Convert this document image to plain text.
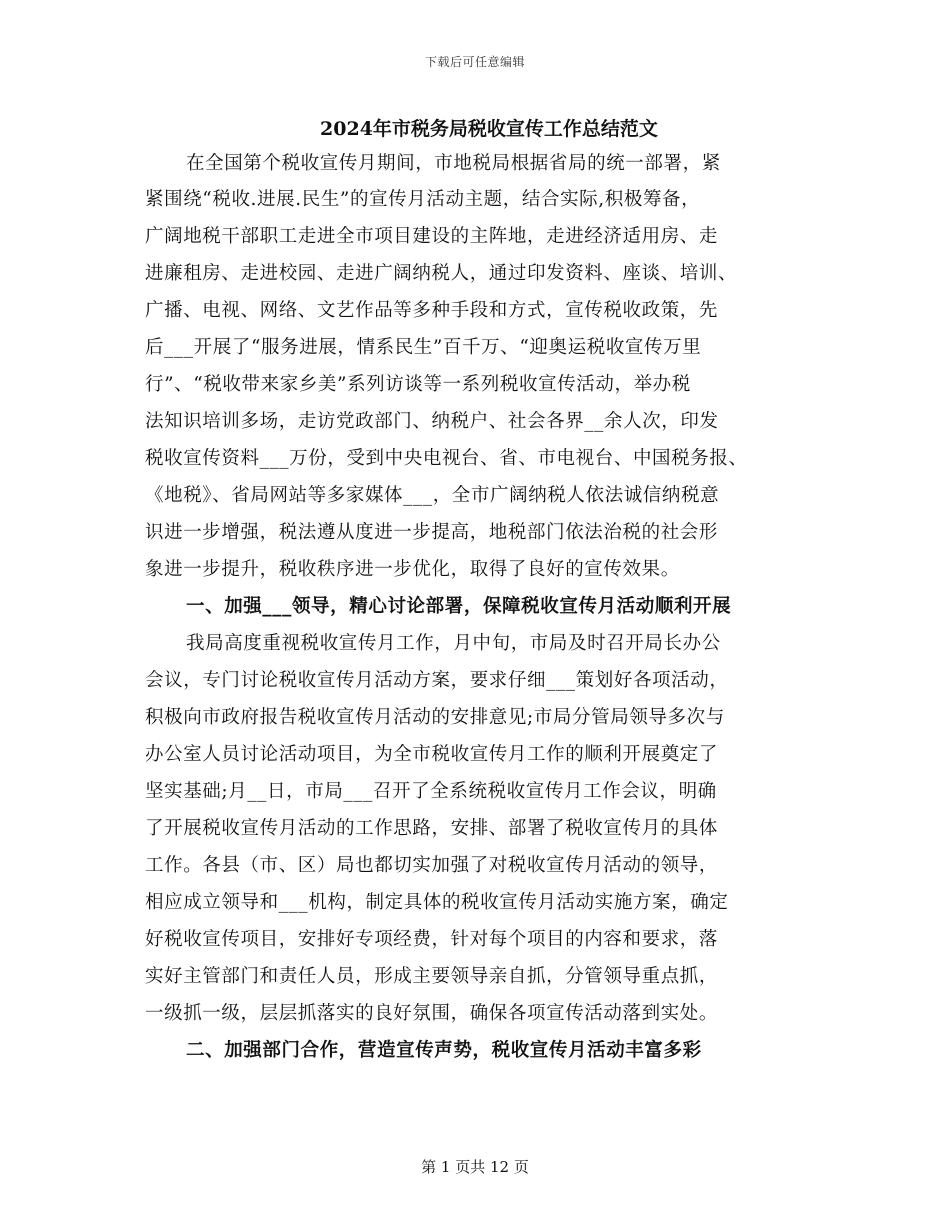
下载后可任意编辑
2024年市税务局税收宣传工作总结范文
在全国第个税收宣传月期间，市地税局根据省局的统一部署，紧
紧围绕“税收.进展.民生”的宣传月活动主题，结合实际,积极筹备，
广阔地税干部职工走进全市项目建设的主阵地，走进经济适用房、走
进廉租房、走进校园、走进广阔纳税人，通过印发资料、座谈、培训、
广播、电视、网络、文艺作品等多种手段和方式，宣传税收政策，先
后___开展了“服务进展，情系民生”百千万、“迎奥运税收宣传万里
行”、“税收带来家乡美”系列访谈等一系列税收宣传活动，举办税
法知识培训多场，走访党政部门、纳税户、社会各界__余人次，印发
税收宣传资料___万份，受到中央电视台、省、市电视台、中国税务报、
《地税》、省局网站等多家媒体___，全市广阔纳税人依法诚信纳税意
识进一步增强，税法遵从度进一步提高，地税部门依法治税的社会形
象进一步提升，税收秩序进一步优化，取得了良好的宣传效果。
一、加强___领导，精心讨论部署，保障税收宣传月活动顺利开展
我局高度重视税收宣传月工作，月中旬，市局及时召开局长办公
会议，专门讨论税收宣传月活动方案，要求仔细___策划好各项活动，
积极向市政府报告税收宣传月活动的安排意见;市局分管局领导多次与
办公室人员讨论活动项目，为全市税收宣传月工作的顺利开展奠定了
坚实基础;月__日，市局___召开了全系统税收宣传月工作会议，明确
了开展税收宣传月活动的工作思路，安排、部署了税收宣传月的具体
工作。各县（市、区）局也都切实加强了对税收宣传月活动的领导，
相应成立领导和___机构，制定具体的税收宣传月活动实施方案，确定
好税收宣传项目，安排好专项经费，针对每个项目的内容和要求，落
实好主管部门和责任人员，形成主要领导亲自抓，分管领导重点抓，
一级抓一级，层层抓落实的良好氛围，确保各项宣传活动落到实处。
二、加强部门合作，营造宣传声势，税收宣传月活动丰富多彩
第 1 页共 12 页
